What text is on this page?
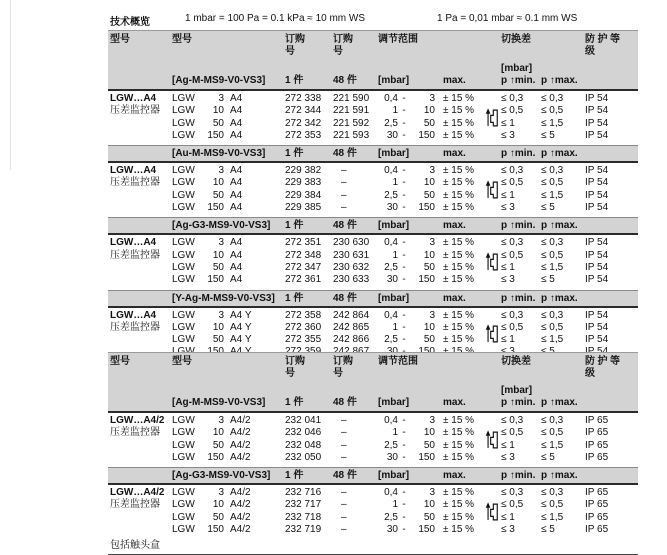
技术概览	1 mbar = 100 Pa = 0.1 kPa ≈ 10 mm WS	1 Pa = 0,01 mbar ≈ 0.1 mm WS
型号	型号	订购号
订购号
调节范围	切换差	防护等级
[Ag-M-MS9-V0-VS3]	1 件	48 件	[mbar]	max.
[mbar]
p ↑min. p ↑max.
LGW…A4
压差监控器
LGW	3 A4	272 338	221 590	0,4 -	3 ± 15 %	≤ 0,3	≤ 0,3	IP 54
LGW	10 A4	272 344	221 591	1 -	10 ± 15 %	≤ 0,5	≤ 0,5	IP 54
LGW	50 A4	272 342	221 592	2,5 -	50 ± 15 %	≤ 1	≤ 1,5	IP 54
LGW	150 A4	272 353	221 593	30 -	150 ± 15 %	≤ 3	≤ 5	IP 54
[Au-M-MS9-V0-VS3]	1 件	48 件	[mbar]	max.	p ↑min. p ↑max.
LGW…A4
压差监控器
LGW	3 A4	229 382	–	0,4 -	3 ± 15 %	≤ 0,3	≤ 0,3	IP 54
LGW	10 A4	229 383	–	1 -	10 ± 15 %	≤ 0,5	≤ 0,5	IP 54
LGW	50 A4	229 384	–	2,5 -	50 ± 15 %	≤ 1	≤ 1,5	IP 54
LGW	150 A4	229 385	–	30 -	150 ± 15 %	≤ 3	≤ 5	IP 54
[Ag-G3-MS9-V0-VS3]	1 件	48 件	[mbar]	max.	p ↑min. p ↑max.
LGW…A4
压差监控器
LGW	3 A4	272 351	230 630	0,4 -	3 ± 15 %	≤ 0,3	≤ 0,3	IP 54
LGW	10 A4	272 348	230 631	1 -	10 ± 15 %	≤ 0,5	≤ 0,5	IP 54
LGW	50 A4	272 347	230 632	2,5 -	50 ± 15 %	≤ 1	≤ 1,5	IP 54
LGW	150 A4	272 361	230 633	30 -	150 ± 15 %	≤ 3	≤ 5	IP 54
[Y-Ag-M-MS9-V0-VS3]	1 件	48 件	[mbar]	max.	p ↑min. p ↑max.
LGW…A4
压差监控器
LGW	3 A4 Y	272 358	242 864	0,4 -	3 ± 15 %	≤ 0,3	≤ 0,3	IP 54
LGW	10 A4 Y	272 360	242 865	1 -	10 ± 15 %	≤ 0,5	≤ 0,5	IP 54
LGW	50 A4 Y	272 355	242 866	2,5 -	50 ± 15 %	≤ 1	≤ 1,5	IP 54
型号	型号	订购号
订购号
调节范围	切换差	防护等级
[Ag-M-MS9-V0-VS3]	1 件	48 件	[mbar]	max.
[mbar]
p ↑min. p ↑max.
LGW…A4/2
压差监控器
LGW	3 A4/2	232 041	–	0,4 -	3 ± 15 %	≤ 0,3	≤ 0,3	IP 65
LGW	10 A4/2	232 046	–	1 -	10 ± 15 %	≤ 0,5	≤ 0,5	IP 65
LGW	50 A4/2	232 048	–	2,5 -	50 ± 15 %	≤ 1	≤ 1,5	IP 65
LGW	150 A4/2	232 050	–	30 -	150 ± 15 %	≤ 3	≤ 5	IP 65
[Ag-G3-MS9-V0-VS3]	1 件	48 件	[mbar]	max.	p ↑min. p ↑max.
LGW…A4/2
压差监控器
LGW	3 A4/2	232 716	–	0,4 -	3 ± 15 %	≤ 0,3	≤ 0,3	IP 65
LGW	10 A4/2	232 717	–	1 -	10 ± 15 %	≤ 0,5	≤ 0,5	IP 65
LGW	50 A4/2	232 718	–	2,5 -	50 ± 15 %	≤ 1	≤ 1,5	IP 65
LGW	150 A4/2	232 719	–	30 -	150 ± 15 %	≤ 3	≤ 5	IP 65
包括触头盒
